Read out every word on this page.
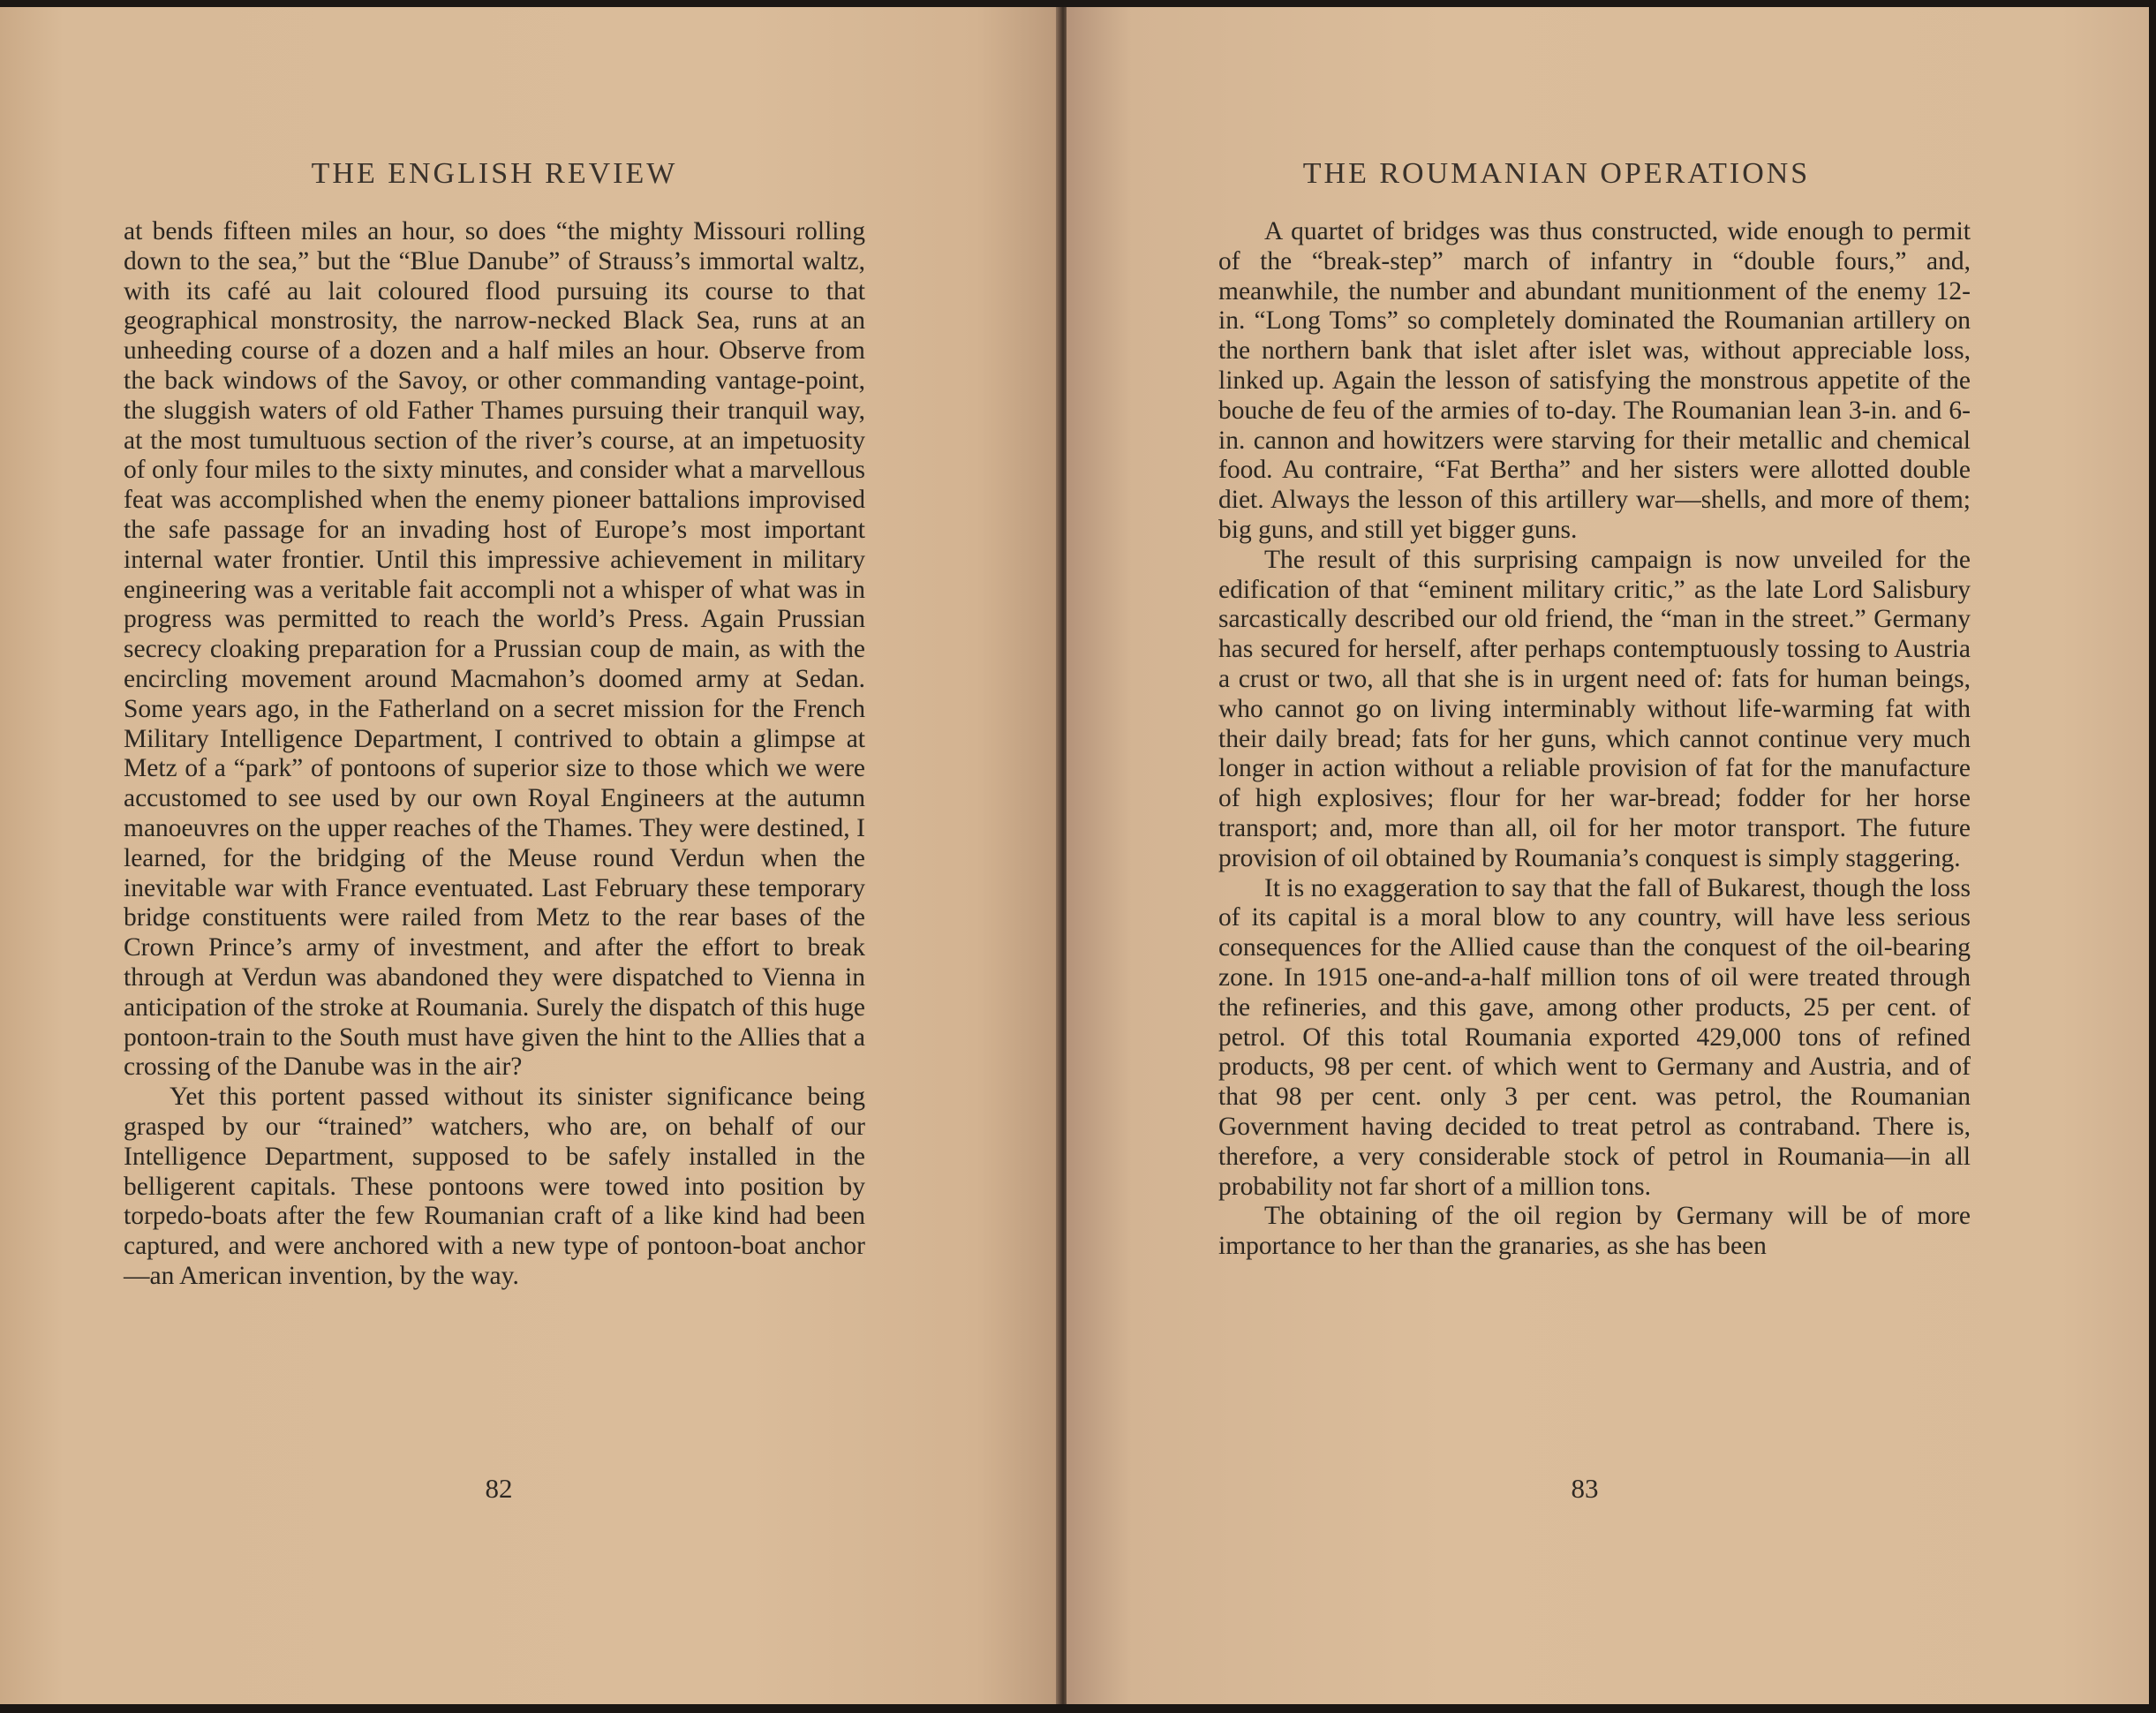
THE ENGLISH REVIEW

at bends fifteen miles an hour, so does “the mighty Missouri rolling down to the sea,” but the “Blue Danube” of Strauss’s immortal waltz, with its café au lait coloured flood pursuing its course to that geographical monstrosity, the narrow-necked Black Sea, runs at an unheeding course of a dozen and a half miles an hour. Observe from the back windows of the Savoy, or other commanding vantage-point, the sluggish waters of old Father Thames pursuing their tranquil way, at the most tumultuous section of the river’s course, at an impetuosity of only four miles to the sixty minutes, and consider what a marvellous feat was accomplished when the enemy pioneer battalions improvised the safe passage for an invading host of Europe’s most important internal water frontier. Until this impressive achievement in military engineering was a veritable fait accompli not a whisper of what was in progress was permitted to reach the world’s Press. Again Prussian secrecy cloaking preparation for a Prussian coup de main, as with the encircling movement around Macmahon’s doomed army at Sedan. Some years ago, in the Fatherland on a secret mission for the French Military Intelligence Department, I contrived to obtain a glimpse at Metz of a “park” of pontoons of superior size to those which we were accustomed to see used by our own Royal Engineers at the autumn manoeuvres on the upper reaches of the Thames. They were destined, I learned, for the bridging of the Meuse round Verdun when the inevitable war with France eventuated. Last February these temporary bridge constituents were railed from Metz to the rear bases of the Crown Prince’s army of investment, and after the effort to break through at Verdun was abandoned they were dispatched to Vienna in anticipation of the stroke at Roumania. Surely the dispatch of this huge pontoon-train to the South must have given the hint to the Allies that a crossing of the Danube was in the air?

Yet this portent passed without its sinister significance being grasped by our “trained” watchers, who are, on behalf of our Intelligence Department, supposed to be safely installed in the belligerent capitals. These pontoons were towed into position by torpedo-boats after the few Roumanian craft of a like kind had been captured, and were anchored with a new type of pontoon-boat anchor —an American invention, by the way.

82
THE ROUMANIAN OPERATIONS

A quartet of bridges was thus constructed, wide enough to permit of the “break-step” march of infantry in “double fours,” and, meanwhile, the number and abundant munitionment of the enemy 12-in. “Long Toms” so completely dominated the Roumanian artillery on the northern bank that islet after islet was, without appreciable loss, linked up. Again the lesson of satisfying the monstrous appetite of the bouche de feu of the armies of to-day. The Roumanian lean 3-in. and 6-in. cannon and howitzers were starving for their metallic and chemical food. Au contraire, “Fat Bertha” and her sisters were allotted double diet. Always the lesson of this artillery war—shells, and more of them; big guns, and still yet bigger guns.

The result of this surprising campaign is now unveiled for the edification of that “eminent military critic,” as the late Lord Salisbury sarcastically described our old friend, the “man in the street.” Germany has secured for herself, after perhaps contemptuously tossing to Austria a crust or two, all that she is in urgent need of: fats for human beings, who cannot go on living interminably without life-warming fat with their daily bread; fats for her guns, which cannot continue very much longer in action without a reliable provision of fat for the manufacture of high explosives; flour for her war-bread; fodder for her horse transport; and, more than all, oil for her motor transport. The future provision of oil obtained by Roumania’s conquest is simply staggering.

It is no exaggeration to say that the fall of Bukarest, though the loss of its capital is a moral blow to any country, will have less serious consequences for the Allied cause than the conquest of the oil-bearing zone. In 1915 one-and-a-half million tons of oil were treated through the refineries, and this gave, among other products, 25 per cent. of petrol. Of this total Roumania exported 429,000 tons of refined products, 98 per cent. of which went to Germany and Austria, and of that 98 per cent. only 3 per cent. was petrol, the Roumanian Government having decided to treat petrol as contraband. There is, therefore, a very considerable stock of petrol in Roumania—in all probability not far short of a million tons.

The obtaining of the oil region by Germany will be of more importance to her than the granaries, as she has been

83
